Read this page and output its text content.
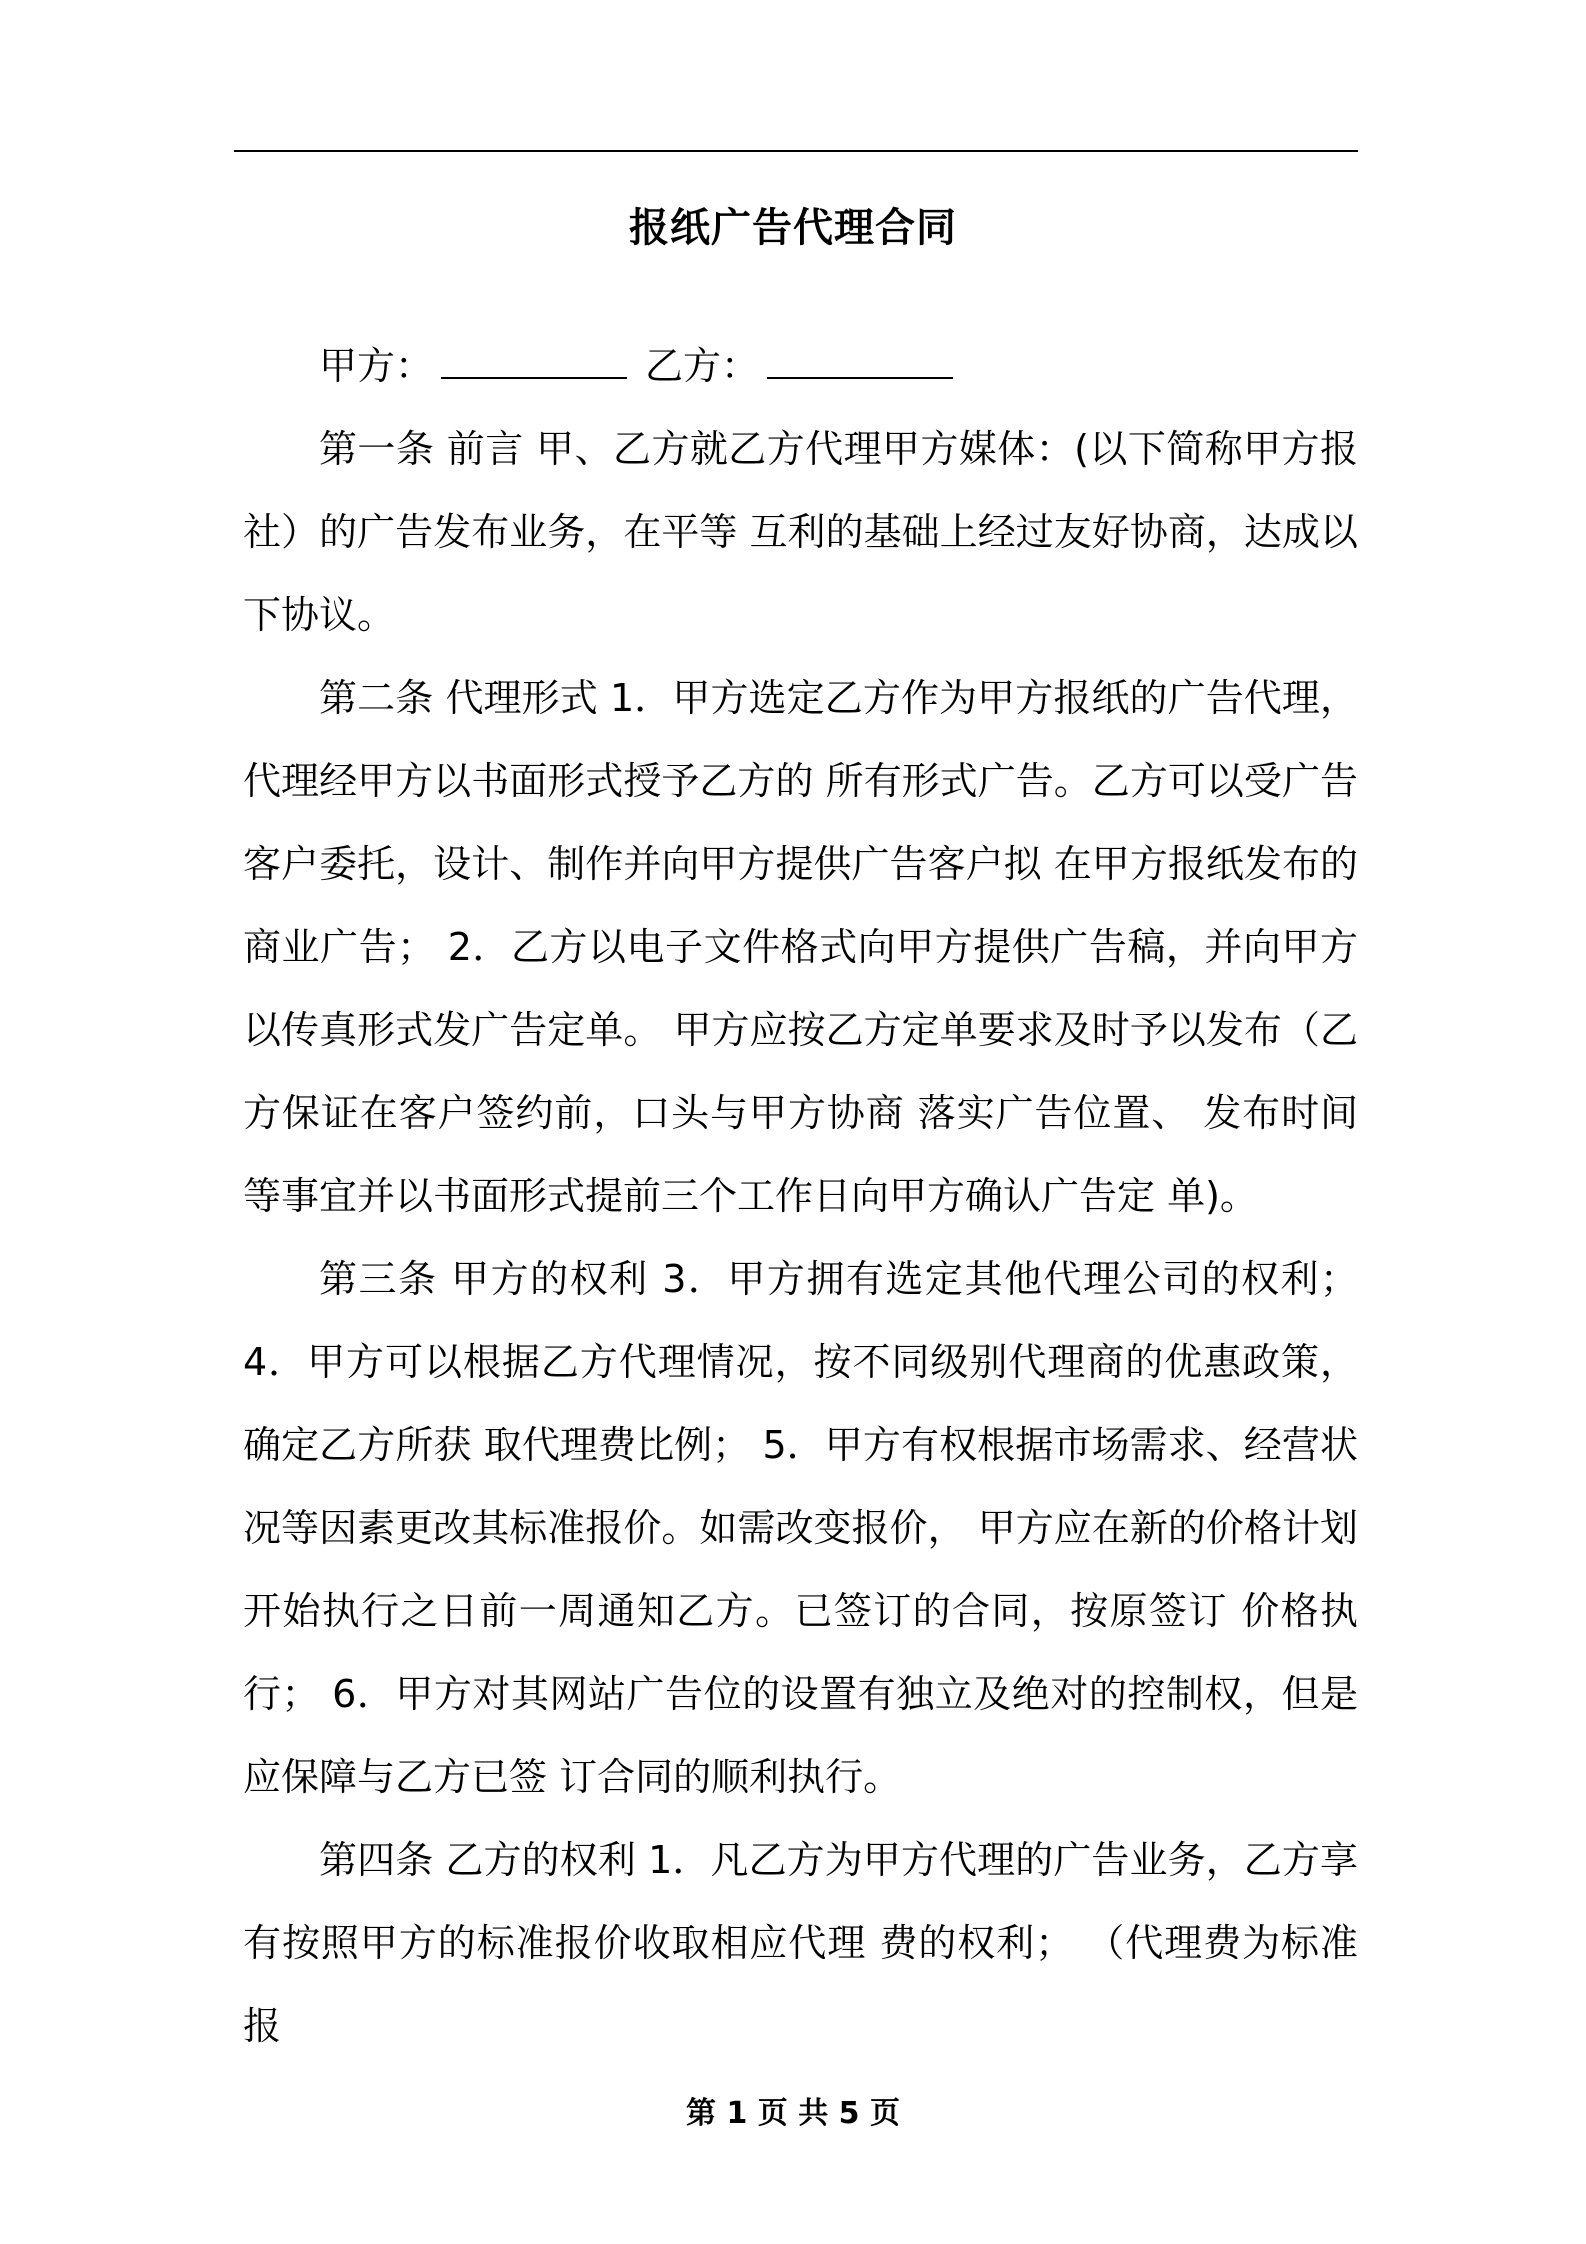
报纸广告代理合同

甲方：	乙方：

第一条 前言 甲、乙方就乙方代理甲方媒体：(以下简称甲方报社）的广告发布业务，在平等 互利的基础上经过友好协商，达成以下协议。

第二条 代理形式 1．甲方选定乙方作为甲方报纸的广告代理，代理经甲方以书面形式授予乙方的 所有形式广告。乙方可以受广告客户委托，设计、制作并向甲方提供广告客户拟 在甲方报纸发布的商业广告； 2．乙方以电子文件格式向甲方提供广告稿，并向甲方以传真形式发广告定单。 甲方应按乙方定单要求及时予以发布（乙方保证在客户签约前，口头与甲方协商 落实广告位置、 发布时间等事宜并以书面形式提前三个工作日向甲方确认广告定 单)。

第三条 甲方的权利 3．甲方拥有选定其他代理公司的权利； 4．甲方可以根据乙方代理情况，按不同级别代理商的优惠政策，确定乙方所获 取代理费比例； 5．甲方有权根据市场需求、经营状况等因素更改其标准报价。如需改变报价， 甲方应在新的价格计划开始执行之日前一周通知乙方。已签订的合同，按原签订 价格执行； 6．甲方对其网站广告位的设置有独立及绝对的控制权，但是应保障与乙方已签 订合同的顺利执行。

第四条 乙方的权利 1．凡乙方为甲方代理的广告业务，乙方享有按照甲方的标准报价收取相应代理 费的权利； （代理费为标准报

第 1 页 共 5 页
